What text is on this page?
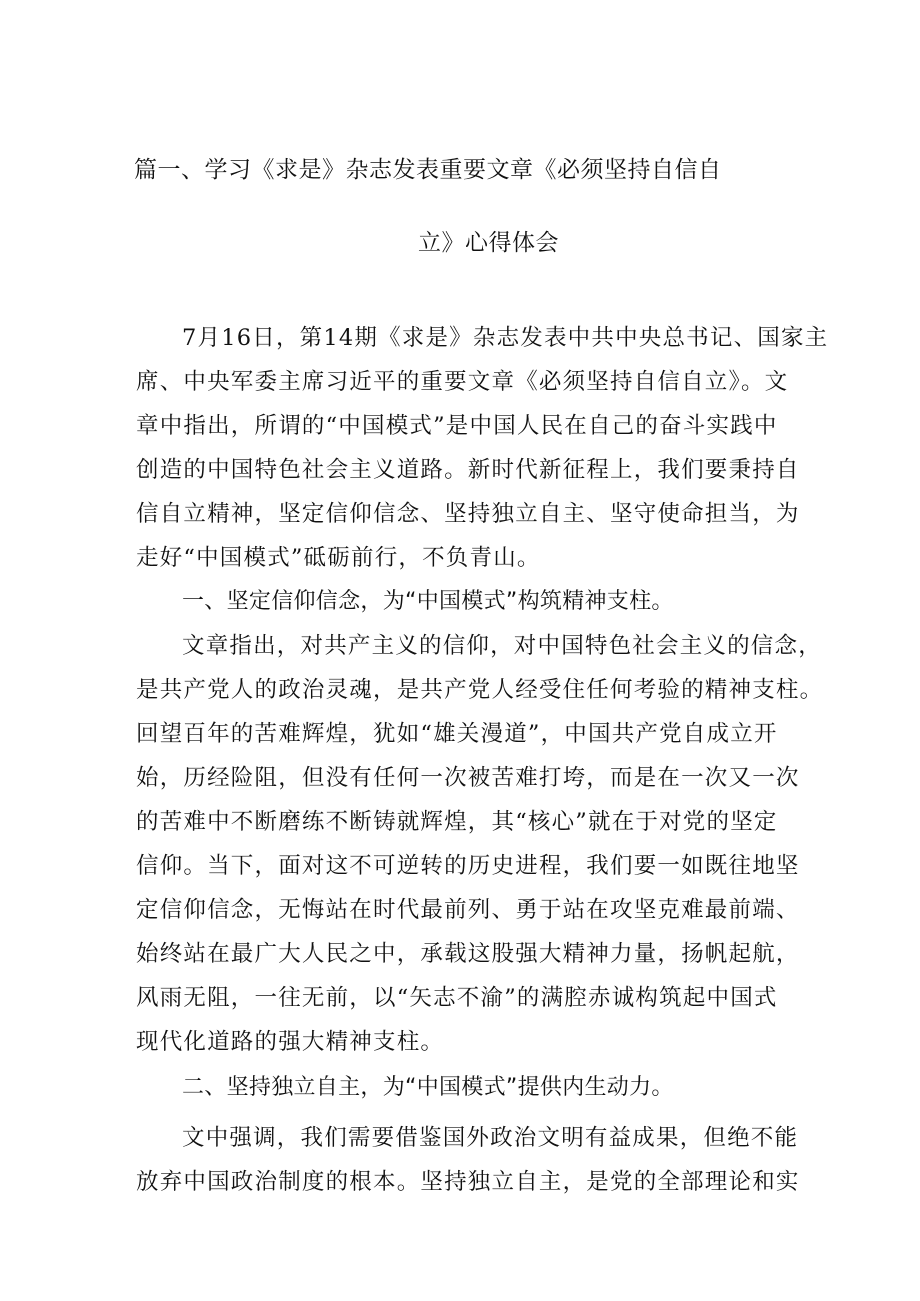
篇一、学习《求是》杂志发表重要文章《必须坚持自信自
立》心得体会
7月16日，第14期《求是》杂志发表中共中央总书记、国家主
席、中央军委主席习近平的重要文章《必须坚持自信自立》。文
章中指出，所谓的“中国模式”是中国人民在自己的奋斗实践中
创造的中国特色社会主义道路。新时代新征程上，我们要秉持自
信自立精神，坚定信仰信念、坚持独立自主、坚守使命担当，为
走好“中国模式”砥砺前行，不负青山。
一、坚定信仰信念，为“中国模式”构筑精神支柱。
文章指出，对共产主义的信仰，对中国特色社会主义的信念，
是共产党人的政治灵魂，是共产党人经受住任何考验的精神支柱。
回望百年的苦难辉煌，犹如“雄关漫道”，中国共产党自成立开
始，历经险阻，但没有任何一次被苦难打垮，而是在一次又一次
的苦难中不断磨练不断铸就辉煌，其“核心”就在于对党的坚定
信仰。当下，面对这不可逆转的历史进程，我们要一如既往地坚
定信仰信念，无悔站在时代最前列、勇于站在攻坚克难最前端、
始终站在最广大人民之中，承载这股强大精神力量，扬帆起航，
风雨无阻，一往无前，以“矢志不渝”的满腔赤诚构筑起中国式
现代化道路的强大精神支柱。
二、坚持独立自主，为“中国模式”提供内生动力。
文中强调，我们需要借鉴国外政治文明有益成果，但绝不能
放弃中国政治制度的根本。坚持独立自主，是党的全部理论和实
